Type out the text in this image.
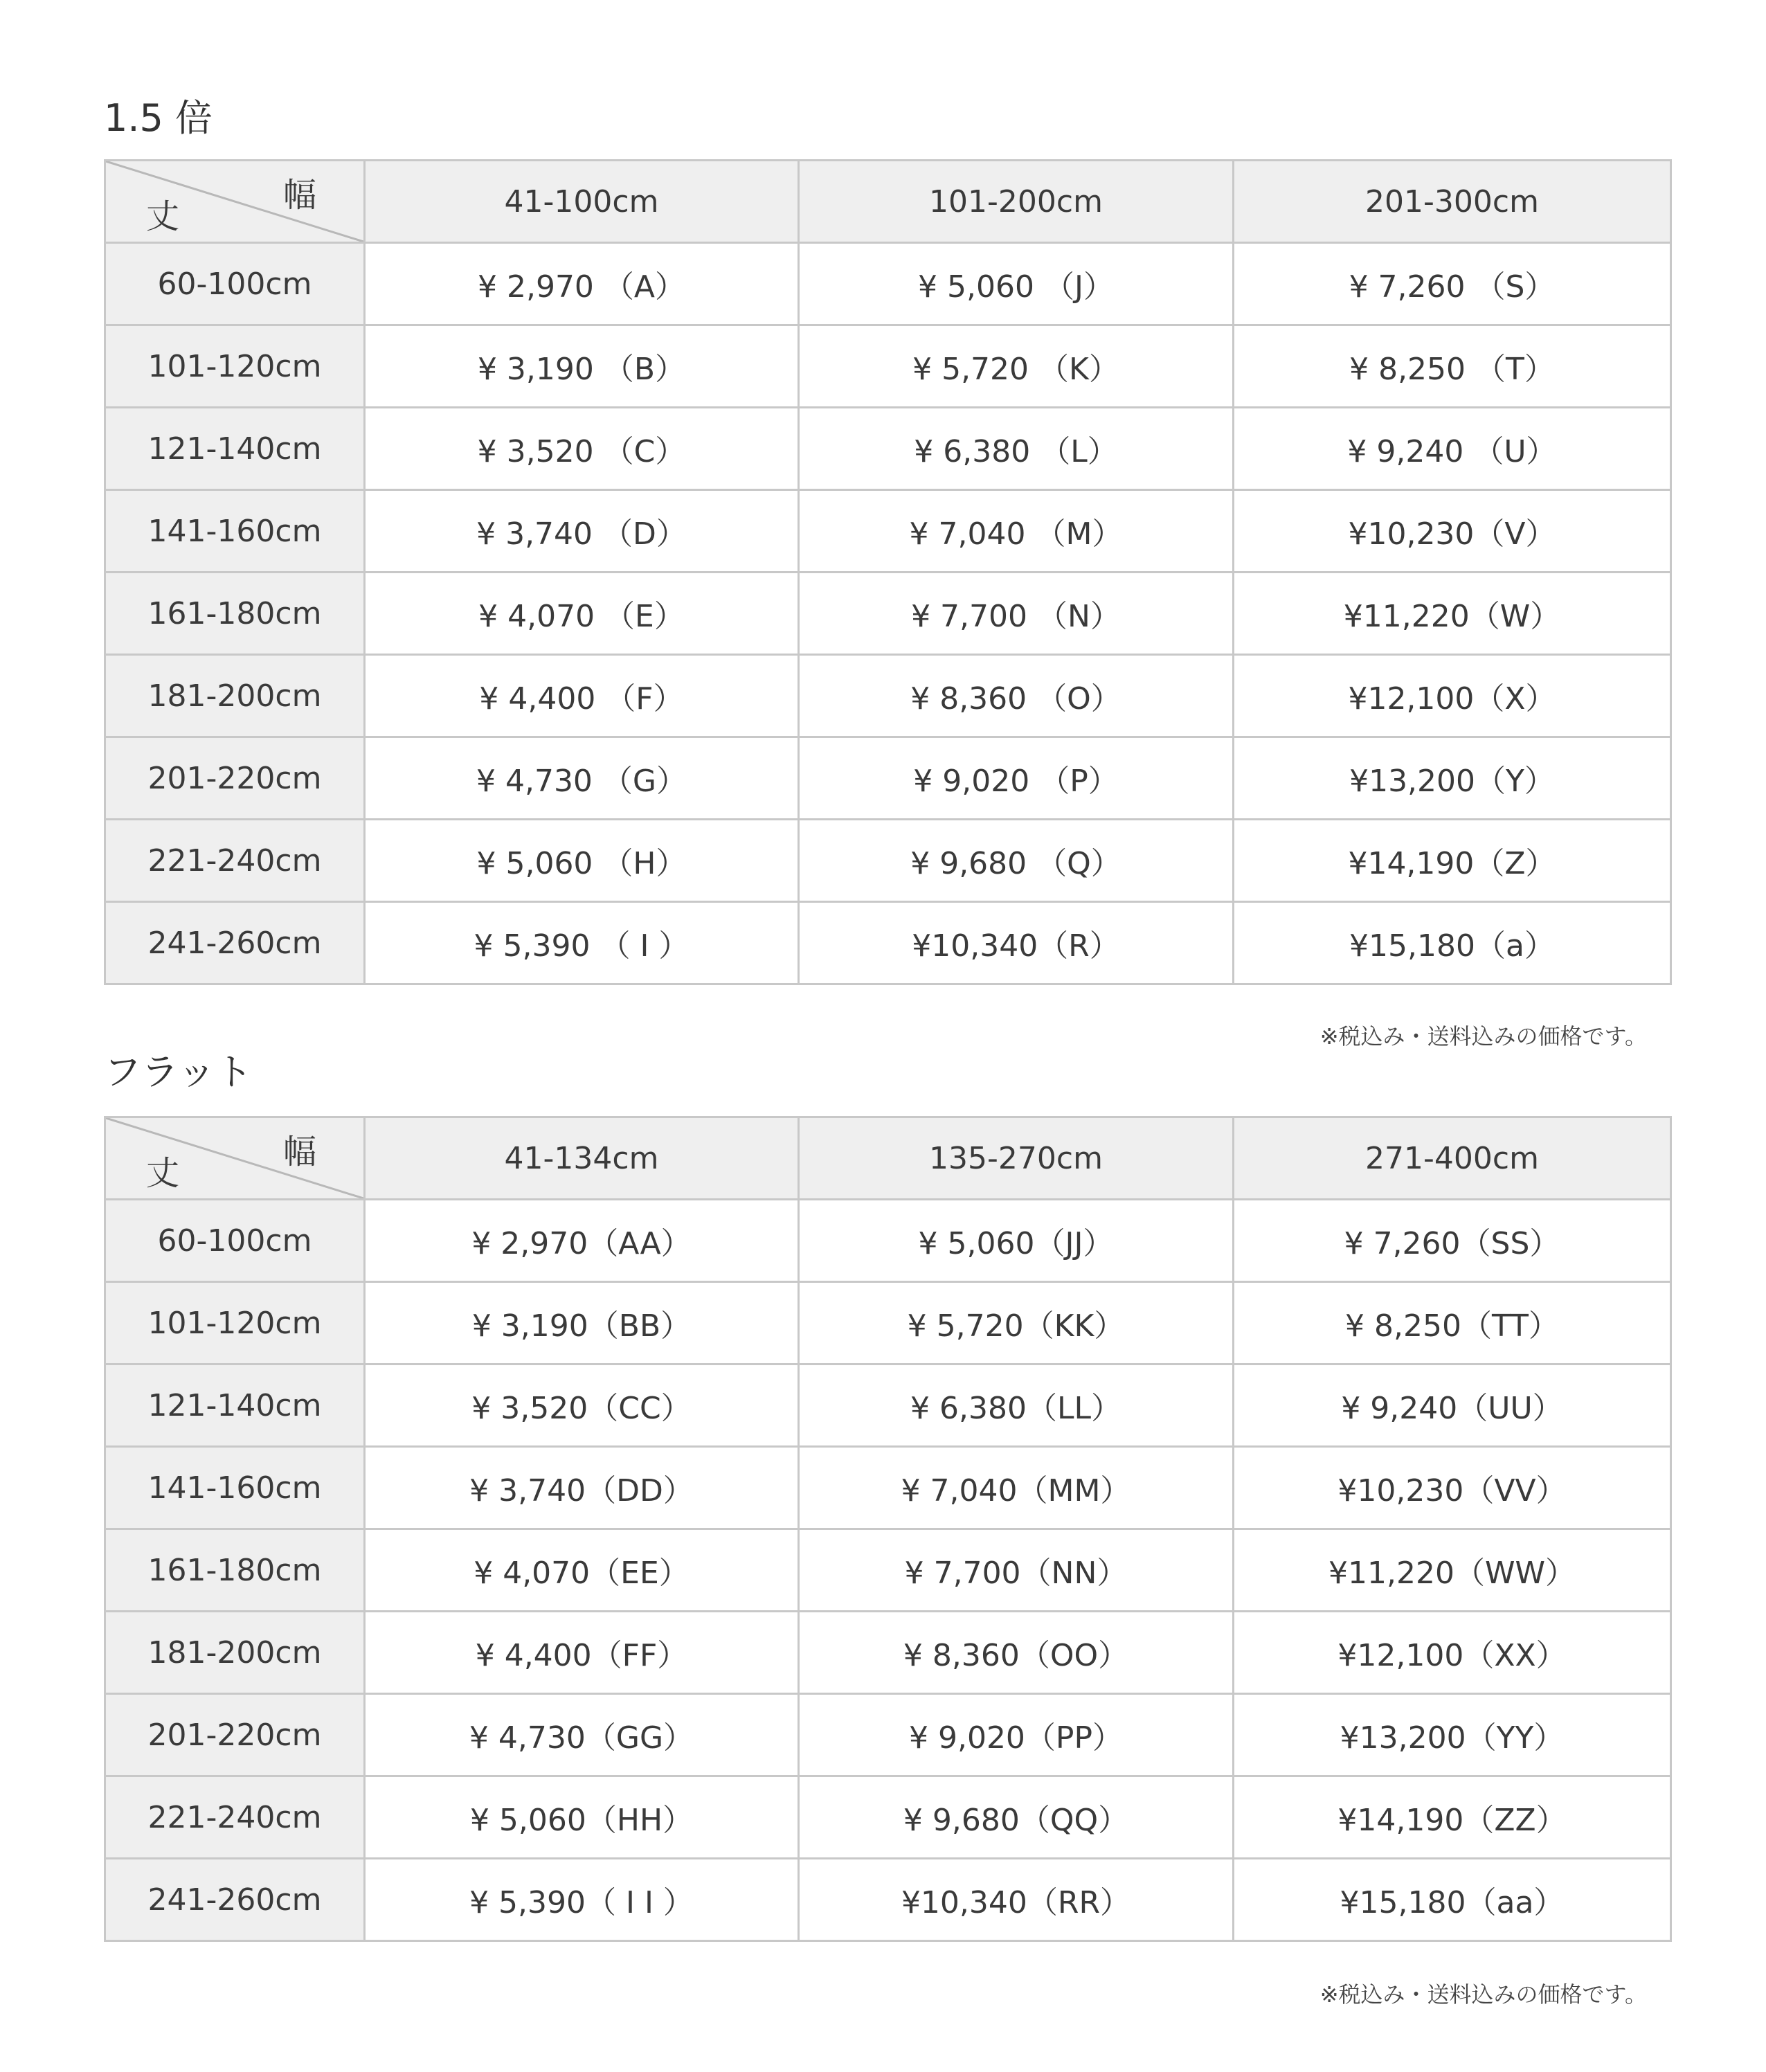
1.5 倍
幅
丈	41-100cm	101-200cm	201-300cm
60-100cm	¥ 2,970 （A）	¥ 5,060 （J）	¥ 7,260 （S）
101-120cm	¥ 3,190 （B）	¥ 5,720 （K）	¥ 8,250 （T）
121-140cm	¥ 3,520 （C）	¥ 6,380 （L）	¥ 9,240 （U）
141-160cm	¥ 3,740 （D）	¥ 7,040 （M）	¥10,230（V）
161-180cm	¥ 4,070 （E）	¥ 7,700 （N）	¥11,220（W）
181-200cm	¥ 4,400 （F）	¥ 8,360 （O）	¥12,100（X）
201-220cm	¥ 4,730 （G）	¥ 9,020 （P）	¥13,200（Y）
221-240cm	¥ 5,060 （H）	¥ 9,680 （Q）	¥14,190（Z）
241-260cm	¥ 5,390 （ I ）	¥10,340（R）	¥15,180（a）

※税込み・送料込みの価格です。

フラット
幅
丈	41-134cm	135-270cm	271-400cm
60-100cm	¥ 2,970（AA）	¥ 5,060（JJ）	¥ 7,260（SS）
101-120cm	¥ 3,190（BB）	¥ 5,720（KK）	¥ 8,250（TT）
121-140cm	¥ 3,520（CC）	¥ 6,380（LL）	¥ 9,240（UU）
141-160cm	¥ 3,740（DD）	¥ 7,040（MM）	¥10,230（VV）
161-180cm	¥ 4,070（EE）	¥ 7,700（NN）	¥11,220（WW）
181-200cm	¥ 4,400（FF）	¥ 8,360（OO）	¥12,100（XX）
201-220cm	¥ 4,730（GG）	¥ 9,020（PP）	¥13,200（YY）
221-240cm	¥ 5,060（HH）	¥ 9,680（QQ）	¥14,190（ZZ）
241-260cm	¥ 5,390（ I I ）	¥10,340（RR）	¥15,180（aa）

※税込み・送料込みの価格です。
